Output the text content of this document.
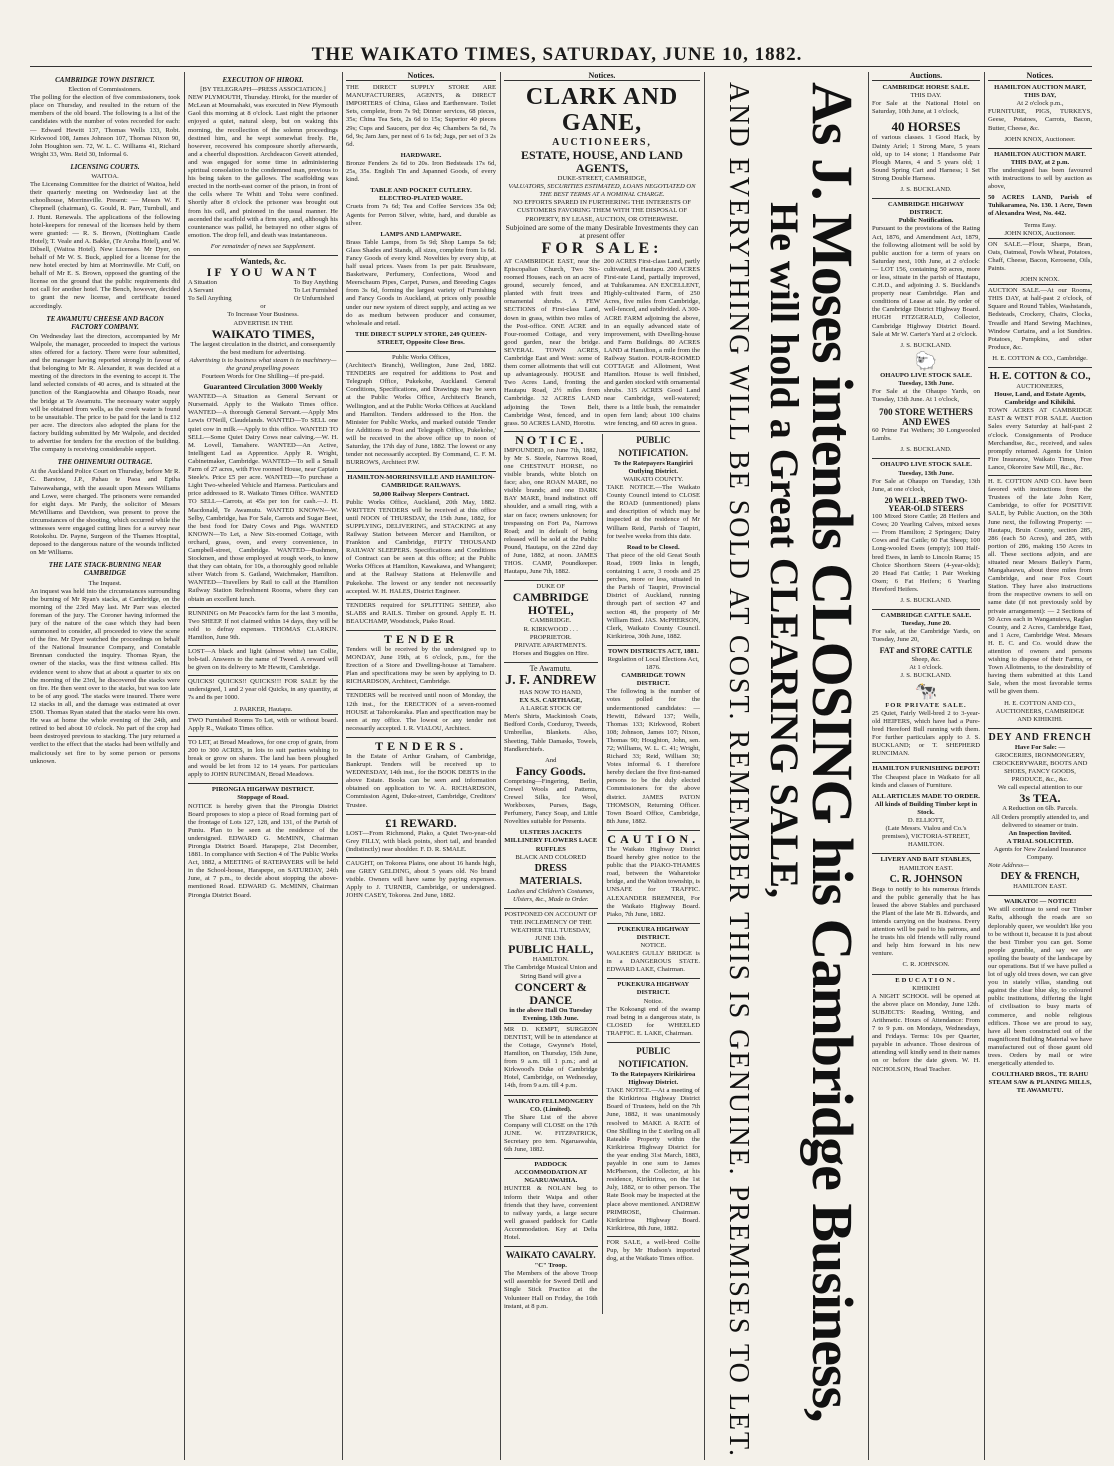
THE WAIKATO TIMES, SATURDAY, JUNE 10, 1882.
CAMBRIDGE TOWN DISTRICT.
Election of Commissioners.

The polling for the election of five commissioners, took place on Thursday, and resulted in the return of the members of the old board. The following is a list of the candidates with the number of votes recorded for each: — Edward Hewitt 137, Thomas Wells 133, Robt. Kirkwood 108, James Johnson 107, Thomas Nixon 90, John Houghton sen. 72, W. L. C. Williams 41, Richard Wright 33, Wm. Reid 30, Informal 6.

LICENSING COURTS.
WAITOA.

The Licensing Committee for the district of Waitoa, held their quarterly meeting on Wednesday last at the schoolhouse, Morrinsville. Present: — Messrs W. F. Chepmell (chairman), G. Gould, R. Parr, Turnbull, and J. Hunt. Renewals. The applications of the following hotel-keepers for renewal of the licenses held by them were granted: — R. S. Brown, (Nottingham Castle Hotel); T. Veale and A. Bakke, (Te Aroha Hotel), and W. Dibsell, (Waitoa Hotel). New Licenses. Mr Dyer, on behalf of Mr W. S. Buck, applied for a license for the new hotel erected by him at Morrinsville. Mr Cuff, on behalf of Mr E. S. Brown, opposed the granting of the license on the ground that the public requirements did not call for another hotel. The Bench, however, decided to grant the new license, and certificate issued accordingly.

TE AWAMUTU CHEESE AND BACON FACTORY COMPANY.

On Wednesday last the directors, accompanied by Mr Walpole, the manager, proceeded to inspect the various sites offered for a factory. There were four submitted, and the manager having reported strongly in favour of that belonging to Mr R. Alexander, it was decided at a meeting of the directors in the evening to accept it. The land selected consists of 40 acres, and is situated at the junction of the Rangiaowhia and Ohaupo Roads, near the bridge at Te Awamutu. The necessary water supply will be obtained from wells, as the creek water is found to be unsuitable. The price to be paid for the land is £12 per acre. The directors also adopted the plans for the factory building submitted by Mr Walpole, and decided to advertise for tenders for the erection of the building. The company is receiving considerable support.

THE OHINEMURI OUTRAGE.

At the Auckland Police Court on Thursday, before Mr R. C. Barstow, J.P., Pahau te Paoa and Epiha Taiwawahanga, with the assault upon Messrs Williams and Lowe, were charged. The prisoners were remanded for eight days. Mr Pardy, the solicitor of Messrs McWilliams and Davidson, was present to prove the circumstances of the shooting, which occurred while the witnesses were engaged cutting lines for a survey near Rotokohu. Dr. Payne, Surgeon of the Thames Hospital, deposed to the dangerous nature of the wounds inflicted on Mr Williams.

THE LATE STACK-BURNING NEAR CAMBRIDGE
The Inquest.

An inquest was held into the circumstances surrounding the burning of Mr Ryan's stacks, at Cambridge, on the morning of the 23rd May last. Mr Parr was elected foreman of the jury. The Coroner having informed the jury of the nature of the case which they had been summoned to consider, all proceeded to view the scene of the fire. Mr Dyer watched the proceedings on behalf of the National Insurance Company, and Constable Brennan conducted the inquiry. Thomas Ryan, the owner of the stacks, was the first witness called. His evidence went to show that at about a quarter to six on the morning of the 23rd, he discovered the stacks were on fire. He then went over to the stacks, but was too late to be of any good. The stacks were insured. There were 12 stacks in all, and the damage was estimated at over £500. Thomas Ryan stated that the stacks were his own. He was at home the whole evening of the 24th, and retired to bed about 10 o'clock. No part of the crop had been destroyed previous to stacking. The jury returned a verdict to the effect that the stacks had been wilfully and maliciously set fire to by some person or persons unknown.

EXECUTION OF HIROKI.
[BY TELEGRAPH—PRESS ASSOCIATION.]

NEW PLYMOUTH, Thursday. Hiroki, for the murder of McLean at Moumahaki, was executed in New Plymouth Gaol this morning at 8 o'clock. Last night the prisoner enjoyed a quiet, natural sleep, but on waking this morning, the recollection of the solemn proceedings destined him, and he wept somewhat freely. He, however, recovered his composure shortly afterwards, and a cheerful disposition. Archdeacon Govett attended, and was engaged for some time in administering spiritual consolation to the condemned man, previous to his being taken to the gallows. The scaffolding was erected in the north-east corner of the prison, in front of the cells where Te Whiti and Tohu were confined. Shortly after 8 o'clock the prisoner was brought out from his cell, and pinioned in the usual manner. He ascended the scaffold with a firm step, and, although his countenance was pallid, he betrayed no other signs of emotion. The drop fell, and death was instantaneous.

For remainder of news see Supplement.

Wanteds, &c.
IF YOU WANT
A Situation
A Servant
To Sell Anything
To Buy Anything
To Let Furnished
Or Unfurnished
or
To Increase Your Business.
ADVERTISE IN THE
WAIKATO TIMES,
The largest circulation in the district, and consequently the best medium for advertising.
Advertising is to business what steam is to machinery—the grand propelling power.
Fourteen Words for One Shilling—if pre-paid.
Guaranteed Circulation 3000 Weekly

WANTED—A Situation as General Servant or Nursemaid. Apply to the Waikato Times office. WANTED—A thorough General Servant.—Apply Mrs Lewis O'Neill, Claudelands. WANTED—To SELL one quiet cow in milk.—Apply to this office. WANTED TO SELL—Some Quiet Dairy Cows near calving.—W. H. M. Lovell, Tamahere. WANTED—An Active, Intelligent Lad as Apprentice. Apply R. Wright, Cabinetmaker, Cambridge. WANTED—To sell a Small Farm of 27 acres, with Five roomed House, near Captain Steele's. Price £5 per acre. WANTED—To purchase a Light Two-wheeled Vehicle and Harness. Particulars and price addressed to R. Waikato Times Office. WANTED TO SELL—Carrots, at 45s per ton for cash.—J. H. Macdonald, Te Awamutu. WANTED KNOWN—W. Selby, Cambridge, has For Sale, Carrots and Sugar Beet, the best food for Dairy Cows and Pigs. WANTED KNOWN—To Let, a New Six-roomed Cottage, with orchard, grass, oven, and every convenience, in Campbell-street, Cambridge. WANTED—Bushmen, Stockmen, and those employed at rough work, to know that they can obtain, for 10s, a thoroughly good reliable silver Watch from S. Gatland, Watchmaker, Hamilton. WANTED—Travellers by Rail to call at the Hamilton Railway Station Refreshment Rooms, where they can obtain an excellent lunch.

RUNNING on Mr Peacock's farm for the last 3 months, Two SHEEP. If not claimed within 14 days, they will be sold to defray expenses. THOMAS CLARKIN. Hamilton, June 9th.

LOST—A black and light (almost white) tan Collie, bob-tail. Answers to the name of Tweed. A reward will be given on its delivery to Mr Hewitt, Cambridge.

QUICKS! QUICKS!! QUICKS!!! FOR SALE by the undersigned, 1 and 2 year old Quicks, in any quantity, at 7s and 8s per 1000.

J. PARKER, Hautapu.

TWO Furnished Rooms To Let, with or without board. Apply R., Waikato Times office.

TO LET, at Broad Meadows, for one crop of grain, from 200 to 300 ACRES, in lots to suit parties wishing to break or grow on shares. The land has been ploughed and would be let from 12 to 14 years. For particulars apply to JOHN RUNCIMAN, Broad Meadows.

PIRONGIA HIGHWAY DISTRICT.
Stoppage of Road.

NOTICE is hereby given that the Pirongia District Board proposes to stop a piece of Road forming part of the frontage of Lots 127, 128, and 131, of the Parish of Puniu. Plan to be seen at the residence of the undersigned. EDWARD G. McMINN, Chairman Pirongia District Board. Harapepe, 21st December, 1881. In compliance with Section 4 of The Public Works Act, 1882, a MEETING of RATEPAYERS will be held in the School-house, Harapepe, on SATURDAY, 24th June, at 7 p.m., to decide about stopping the above-mentioned Road. EDWARD G. McMINN, Chairman Pirongia District Board.

Notices.

THE DIRECT SUPPLY STORE ARE MANUFACTURERS, AGENTS, & DIRECT IMPORTERS of China, Glass and Earthenware. Toilet Sets, complete, from 7s 9d; Dinner services, 68 pieces, 35s; China Tea Sets, 2s 6d to 15s; Superior 40 pieces 29s; Cups and Saucers, per doz 4s; Chambers 5s 6d, 7s 6d, 9s; Jam Jars, per nest of 6 1s 6d; Jugs, per set of 3 2s 6d.

HARDWARE.

Bronze Fenders 2s 6d to 20s. Iron Bedsteads 17s 6d, 25s, 35s. English Tin and Japanned Goods, of every kind.

TABLE AND POCKET CUTLERY.
ELECTRO-PLATED WARE.

Cruets from 7s 6d; Tea and Coffee Services 35s 0d; Agents for Perron Silver, white, hard, and durable as silver.

LAMPS AND LAMPWARE.

Brass Table Lamps, from 5s 9d; Shop Lamps 5s 6d; Glass Shades and Stands, all sizes, complete from 1s 6d. Fancy Goods of every kind. Novelties by every ship, at half usual prices. Vases from 1s per pair. Brushware, Basketware, Perfumery, Confections, Wood and Meerschaum Pipes, Carpet, Purses, and Breeding Cages from 3s 6d, forming the largest variety of Furnishing and Fancy Goods in Auckland, at prices only possible under our new system of direct supply, and acting as we do as medium between producer and consumer, wholesale and retail.

THE DIRECT SUPPLY STORE, 249 QUEEN-STREET, Opposite Close Bros.
Public Works Offices,

(Architect's Branch), Wellington, June 2nd, 1882. TENDERS are required for additions to Post and Telegraph Office, Pukekohe, Auckland. General Conditions, Specifications, and Drawings may be seen at the Public Works Office, Architect's Branch, Wellington, and at the Public Works Offices at Auckland and Hamilton. Tenders addressed to the Hon. the Minister for Public Works, and marked outside 'Tender for Additions to Post and Telegraph Office, Pukekohe,' will be received in the above office up to noon of Saturday, the 17th day of June, 1882. The lowest or any tender not necessarily accepted. By Command, C. F. M. BURROWS, Architect P.W.

HAMILTON-MORRINSVILLE AND HAMILTON-CAMBRIDGE RAILWAYS.
50,000 Railway Sleepers Contract.

Public Works Office, Auckland, 20th May, 1882. WRITTEN TENDERS will be received at this office until NOON of THURSDAY, the 15th June, 1882, for SUPPLYING, DELIVERING, and STACKING at any Railway Station between Mercer and Hamilton, or Frankton and Cambridge, FIFTY THOUSAND RAILWAY SLEEPERS. Specifications and Conditions of Contract can be seen at this office; at the Public Works Offices at Hamilton, Kawakawa, and Whangarei; and at the Railway Stations at Helensville and Pukekohe. The lowest or any tender not necessarily accepted. W. H. HALES, District Engineer.

TENDERS required for SPLITTING SHEEP, also SLABS and RAILS. Timber on ground. Apply E. H. BEAUCHAMP, Woodstock, Piako Road.

TENDER

Tenders will be received by the undersigned up to MONDAY, June 19th, at 6 o'clock, p.m., for the Erection of a Store and Dwelling-house at Tamahere. Plan and specifications may be seen by applying to D. RICHARDSON, Architect, Cambridge.

TENDERS will be received until noon of Monday, the 12th inst., for the ERECTION of a seven-roomed HOUSE at Tahorokaraka. Plan and specification may be seen at my office. The lowest or any tender not necessarily accepted. I. R. VIALOU, Architect.

TENDERS.

In the Estate of Arthur Graham, of Cambridge, Bankrupt. Tenders will be received up to WEDNESDAY, 14th inst., for the BOOK DEBTS in the above Estate. Books can be seen and information obtained on application to W. A. RICHARDSON, Commission Agent, Duke-street, Cambridge, Creditors' Trustee.

£1 REWARD.

LOST—From Richmond, Piako, a Quiet Two-year-old Grey FILLY, with black points, short tail, and branded (indistinctly) near shoulder. F. D. R. SMALE.

CAUGHT, on Tokorea Plains, one about 16 hands high, one GREY GELDING, about 5 years old. No brand visible. Owners will have same by paying expenses. Apply to J. TURNER, Cambridge, or undersigned. JOHN CASEY, Tokorea. 2nd June, 1882.

Notices.
CLARK AND GANE,
AUCTIONEERS,
ESTATE, HOUSE, AND LAND AGENTS,
DUKE-STREET, CAMBRIDGE,
VALUATORS, SECURITIES ESTIMATED, LOANS NEGOTIATED ON THE BEST TERMS AT A NOMINAL CHARGE.
NO EFFORTS SPARED IN FURTHERING THE INTERESTS OF CUSTOMERS FAVORING THEM WITH THE DISPOSAL OF PROPERTY, BY LEASE, AUCTION, OR OTHERWISE.
Subjoined are some of the many Desirable Investments they can at present offer
FOR SALE:

AT CAMBRIDGE EAST, near the Episcopalian Church, Two Six-roomed Houses, each on an acre of ground, securely fenced, and planted with fruit trees and ornamental shrubs. A FEW SECTIONS of First-class Land, down in grass, within two miles of the Post-office. ONE ACRE and Four-roomed Cottage, and very good garden, near the bridge. SEVERAL TOWN ACRES, Cambridge East and West: some of them corner allotments that will cut up advantageously. HOUSE and Two Acres Land, fronting the Hautapu Road, 2½ miles from Cambridge. 32 ACRES LAND adjoining the Town Belt, Cambridge West, fenced, and in grass. 50 ACRES LAND, Horotiu.

200 ACRES First-class Land, partly cultivated, at Hautapu. 200 ACRES First-rate Land, partially improved, at Tuhikaramea. AN EXCELLENT, Highly-cultivated Farm, of 250 Acres, five miles from Cambridge, well-fenced, and subdivided. A 300-ACRE FARM adjoining the above, in an equally advanced state of improvement, with Dwelling-house and Farm Buildings. 80 ACRES LAND at Hamilton, a mile from the Railway Station. FOUR-ROOMED COTTAGE and Allotment, West Hamilton. House is well finished, and garden stocked with ornamental shrubs. 315 ACRES Good Land near Cambridge, well-watered; there is a little bush, the remainder open fern land; about 100 chains wire fencing, and 60 acres in grass.

NOTICE.

IMPOUNDED, on June 7th, 1882, by Mr S. Steele, Narrows Road, one CHESTNUT HORSE, no visible brands, white blotch on face; also, one ROAN MARE, no visible brands; and one DARK BAY MARE, brand indistinct off shoulder, and a small ring, with a star on face; owners unknown; for trespassing on Fort Pa, Narrows Road; and in default of being released will be sold at the Public Pound, Hautapu, on the 22nd day of June, 1882, at noon. JAMES THOS. CAMP, Poundkeeper. Hautapu, June 7th, 1882.

DUKE OF
CAMBRIDGE HOTEL,
CAMBRIDGE.
R. KIRKWOOD . . . PROPRIETOR.
PRIVATE APARTMENTS.
Horses and Buggies on Hire.
Te Awamutu.
J. F. ANDREW
HAS NOW TO HAND,
EX S.S. CARTHAGE,
A LARGE STOCK OF

Men's Shirts, Mackintosh Coats, Bedford Cords, Corduroy, Tweeds, Umbrellas, Blankets. Also, Sheeting, Table Damasks, Towels, Handkerchiefs.

And
Fancy Goods.

Comprising—Fingering, Berlin, Crewel Wools and Patterns, Crewel Silks, Ice Wool, Workboxes, Purses, Bags, Perfumery, Fancy Soap, and Little Novelties suitable for Presents.

ULSTERS JACKETS MILLINERY FLOWERS LACE RUFFLES
BLACK AND COLORED
DRESS MATERIALS.
Ladies and Children's Costumes, Ulsters, &c., Made to Order.
POSTPONED ON ACCOUNT OF THE INCLEMENCY OF THE WEATHER TILL TUESDAY, JUNE 13th.
PUBLIC HALL,
HAMILTON.
The Cambridge Musical Union and String Band will give a
CONCERT & DANCE
in the above Hall On Tuesday Evening, 13th June.

MR D. KEMPT, SURGEON DENTIST, Will be in attendance at the Cottage, Gwynne's Hotel, Hamilton, on Thursday, 15th June, from 9 a.m. till 1 p.m.; and at Kirkwood's Duke of Cambridge Hotel, Cambridge, on Wednesday, 14th, from 9 a.m. till 4 p.m.

WAIKATO FELLMONGERY CO. (Limited).

The Share List of the above Company will CLOSE on the 17th JUNE. W. FITZPATRICK, Secretary pro tem. Ngaruawahia, 6th June, 1882.

PADDOCK ACCOMMODATION AT NGARUAWAHIA.

HUNTER & NOLAN beg to inform their Waipa and other friends that they have, convenient to railway yards, a large secure well grassed paddock for Cattle Accommodation. Key at Delta Hotel.

WAIKATO CAVALRY.
"C" Troop.

The Members of the above Troop will assemble for Sword Drill and Single Stick Practice at the Volunteer Hall on Friday, the 16th instant, at 8 p.m.

PUBLIC NOTIFICATION.
To the Ratepayers Rangiriri Outlying District.
WAIKATO COUNTY.

TAKE NOTICE.—The Waikato County Council intend to CLOSE the ROAD (unmentioned) plans and description of which may be inspected at the residence of Mr William Reid, Parish of Taupiri, for twelve weeks from this date.

Road to be Closed.

That piece of the old Great South Road, 1909 links in length, containing 1 acre, 3 roods and 25 perches, more or less, situated in the Parish of Taupiri, Provincial District of Auckland, running through part of section 47 and section 48, the property of Mr William Bird. JAS. McPHERSON, Clerk, Waikato County Council. Kirikiriroa, 30th June, 1882.

TOWN DISTRICTS ACT, 1881.
Regulation of Local Elections Act, 1876.
CAMBRIDGE TOWN DISTRICT.

The following is the number of votes polled for the undermentioned candidates: — Hewitt, Edward 137; Wells, Thomas 133; Kirkwood, Robert 108; Johnson, James 107; Nixon, Thomas 90; Houghton, John, sen. 72; Williams, W. L. C. 41; Wright, Richard 33; Reid, William 30; Votes informal 6. I therefore hereby declare the five first-named persons to be the duly elected Commissioners for the above district. JAMES PATON THOMSON, Returning Officer. Town Board Office, Cambridge, 8th June, 1882.

CAUTION.

The Waikato Highway District Board hereby give notice to the public that the PIAKO-THAMES road, between the Waharetoke bridge, and the Walton township, is UNSAFE for TRAFFIC. ALEXANDER BREMNER, For the Waikato Highway Board. Piako, 7th June, 1882.

PUKEKURA HIGHWAY DISTRICT.
NOTICE.

WALKER'S GULLY BRIDGE is in a DANGEROUS STATE. EDWARD LAKE, Chairman.

PUKEKURA HIGHWAY DISTRICT.
Notice.

The Kokoangi end of the swamp road being in a dangerous state, is CLOSED for WHEELED TRAFFIC. E. LAKE, Chairman.

PUBLIC NOTIFICATION.
To the Ratepayers Kirikiriroa Highway District.

TAKE NOTICE.—At a meeting of the Kirikiriroa Highway District Board of Trustees, held on the 7th June, 1882, it was unanimously resolved to MAKE A RATE of One Shilling in the £ sterling on all Rateable Property within the Kirikiriroa Highway District for the year ending 31st March, 1883, payable in one sum to James McPherson, the Collector, at his residence, Kirikiriroa, on the 1st July, 1882, or to other person. The Rate Book may be inspected at the place above mentioned. ANDREW PRIMROSE, Chairman. Kirikiriroa Highway Board. Kirikiriroa, 8th June, 1882.

FOR SALE, a well-bred Collie Pup, by Mr Hudson's imported dog, at the Waikato Times office. As J. Moses intends CLOSING his Cambridge Business,
He will hold a Great CLEARING SALE,
AND EVERYTHING WILL BE SOLD AT COST. REMEMBER THIS IS GENUINE. PREMISES TO LET.
Auctions.
CAMBRIDGE HORSE SALE.
THIS DAY.

For Sale at the National Hotel on Saturday, 10th June, at 1 o'clock,

40 HORSES

of various classes. 1 Good Hack, by Dainty Ariel; 1 Strong Mare, 5 years old, up to 14 stone; 1 Handsome Pair Plough Mares, 4 and 5 years old; 1 Sound Spring Cart and Harness; 1 Set Strong Double Harness.

J. S. BUCKLAND.
CAMBRIDGE HIGHWAY DISTRICT.
Public Notification.

Pursuant to the provisions of the Rating Act, 1876, and Amendment Act, 1879, the following allotment will be sold by public auction for a term of years on Saturday next, 10th June, at 2 o'clock: — LOT 156, containing 50 acres, more or less, situate in the parish of Hautapu, C.H.D., and adjoining J. S. Buckland's property near Cambridge. Plan and conditions of Lease at sale. By order of the Cambridge District Highway Board. HUGH FITZGERALD, Collector, Cambridge Highway District Board. Sale at Mr W. Carter's Yard at 2 o'clock.

J. S. BUCKLAND.
🐑
OHAUPO LIVE STOCK SALE.
Tuesday, 13th June.

For Sale at the Ohaupo Yards, on Tuesday, 13th June. At 1 o'clock,

700 STORE WETHERS AND EWES

60 Prime Fat Wethers; 30 Longwooled Lambs.

J. S. BUCKLAND.
OHAUPO LIVE STOCK SALE.
Tuesday, 13th June.

For Sale at Ohaupo on Tuesday, 13th June, at one o'clock,

20 WELL-BRED TWO-YEAR-OLD STEERS

100 Mixed Store Cattle; 28 Heifers and Cows; 20 Yearling Calves, mixed sexes — From Hamilton; 2 Springers; Dairy Cows and Fat Cattle; 60 Fat Sheep; 100 Long-wooled Ewes (empty); 100 Half-bred Ewes, in lamb to Lincoln Rams; 15 Choice Shorthorn Steers (4-year-olds); 20 Head Fat Cattle; 1 Pair Working Oxen; 6 Fat Heifers; 6 Yearling Hereford Heifers.

J. S. BUCKLAND.
CAMBRIDGE CATTLE SALE.
Tuesday, June 20.

For sale, at the Cambridge Yards, on Tuesday, June 20,

FAT and STORE CATTLE
Sheep, &c.
At 1 o'clock.
J. S. BUCKLAND.
🐄
FOR PRIVATE SALE.

25 Quiet, Fairly Well-bred 2 to 3-year-old HEIFERS, which have had a Pure-bred Hereford Bull running with them. For further particulars apply to J. S. BUCKLAND; or T. SHEPHERD RUNCIMAN.

HAMILTON FURNISHING DEPOT!

The Cheapest place in Waikato for all kinds and classes of Furniture.

ALL ARTICLES MADE TO ORDER.
All kinds of Building Timber kept in Stock.
D. ELLIOTT,
(Late Messrs. Vialou and Co.'s premises), VICTORIA-STREET, HAMILTON.
LIVERY AND BAIT STABLES,
HAMILTON EAST.
C. R. JOHNSON

Begs to notify to his numerous friends and the public generally that he has leased the above Stables and purchased the Plant of the late Mr B. Edwards, and intends carrying on the business. Every attention will be paid to his patrons, and he trusts his old friends will rally round and help him forward in his new venture.

C. R. JOHNSON.
EDUCATION.
KIHIKIHI

A NIGHT SCHOOL will be opened at the above place on Monday, June 12th. SUBJECTS: Reading, Writing, and Arithmetic. Hours of Attendance: From 7 to 9 p.m. on Mondays, Wednesdays, and Fridays. Terms: 10s per Quarter, payable in advance. Those desirous of attending will kindly send in their names on or before the date given. W. H. NICHOLSON, Head Teacher.

Notices.
HAMILTON AUCTION MART,
THIS DAY,
At 2 o'clock p.m.,

FURNITURE, PIGS, TURKEYS, Geese, Potatoes, Carrots, Bacon, Butter, Cheese, &c.

JOHN KNOX, Auctioneer.
HAMILTON AUCTION MART.
THIS DAY, at 2 p.m.

The undersigned has been favoured with instructions to sell by auction as above,

50 ACRES LAND, Parish of Tuhikaramea, No. 130. 1 Acre, Town of Alexandra West, No. 442.

Terms Easy.
JOHN KNOX, Auctioneer.

ON SALE.—Flour, Sharps, Bran, Oats, Oatmeal, Fowls Wheat, Potatoes, Chaff, Cheese, Bacon, Kerosene, Oils, Paints.

JOHN KNOX.

AUCTION SALE.—At our Rooms, THIS DAY, at half-past 2 o'clock, of Square and Round Tables, Washstands, Bedsteads, Crockery, Chairs, Clocks, Treadle and Hand Sewing Machines, Window Curtains, and a lot Sundries. Potatoes, Pumpkins, and other Produce, &c.

H. E. COTTON & CO., Cambridge.
H. E. COTTON & CO.,
AUCTIONEERS,
House, Land, and Estate Agents, Cambridge and Kihikihi.

TOWN ACRES AT CAMBRIDGE EAST & WEST FOR SALE. Auction Sales every Saturday at half-past 2 o'clock. Consignments of Produce Merchandise, &c., received, and sales promptly returned. Agents for Union Fire Insurance, Waikato Times, Free Lance, Okoroire Saw Mill, &c., &c.

H. E. COTTON AND CO. have been favored with instructions from the Trustees of the late John Kerr, Cambridge, to offer for POSITIVE SALE, by Public Auction, on the 30th June next, the following Property: — Hautapu, Bruin County, section 285, 286 (each 50 Acres), and 285, with portion of 286, making 150 Acres in all. These sections adjoin, and are situated near Messrs Bailey's Farm, Mangahauwu, about three miles from Cambridge, and near Fox Court Station. They have also instructions from the respective owners to sell on same date (if not previously sold by private arrangement): — 2 Sections of 50 Acres each in Wanganuieva, Raglan County, and 2 Acres, Cambridge East, and 1 Acre, Cambridge West. Messrs H. E. C. and Co. would draw the attention of owners and persons wishing to dispose of their Farms, or Town Allotments, to the desirability of having them submitted at this Land Sale, when the most favorable terms will be given them.

H. E. COTTON AND CO., AUCTIONEERS, CAMBRIDGE AND KIHIKIHI.
DEY AND FRENCH
Have For Sale: —
GROCERIES, IRONMONGERY, CROCKERYWARE, BOOTS AND SHOES, FANCY GOODS, PRODUCE, &c., &c.
We call especial attention to our
3s TEA.
A Reduction on 6lb. Parcels.
All Orders promptly attended to, and delivered to steamer or train.
An Inspection Invited.
A TRIAL SOLICITED.
Agents for New Zealand Insurance Company.
Note Address—
DEY & FRENCH,
HAMILTON EAST.
WAIKATO! — NOTICE!

We still continue to send our Timber Rafts, although the roads are so deplorably queer, we wouldn't like you to be without it, because it is just about the best Timber you can get. Some people grumble, and say we are spoiling the beauty of the landscape by our operations. But if we have pulled a lot of ugly old trees down, we can give you in stately villas, standing out against the clear blue sky, to coloured public institutions, differing the light of civilisation to busy marts of commerce, and noble religious edifices. Those we are proud to say, have all been constructed out of the magnificent Building Material we have manufactured out of those gaunt old trees. Orders by mail or wire energetically attended to.

COULTHARD BROS., TE RAHU STEAM SAW & PLANING MILLS, TE AWAMUTU.
